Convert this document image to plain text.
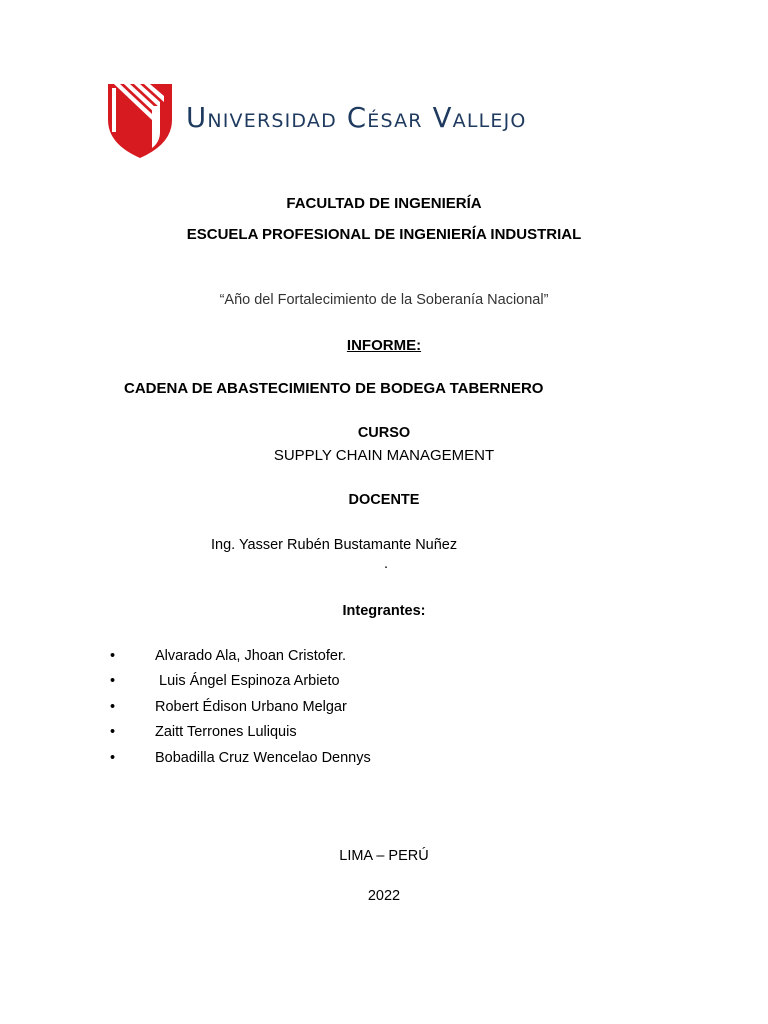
Universidad César Vallejo
FACULTAD DE INGENIERÍA
ESCUELA PROFESIONAL DE INGENIERÍA INDUSTRIAL
“Año del Fortalecimiento de la Soberanía Nacional”
INFORME:
CADENA DE ABASTECIMIENTO DE BODEGA TABERNERO
CURSO
SUPPLY CHAIN MANAGEMENT
DOCENTE
Ing. Yasser Rubén Bustamante Nuñez
.
Integrantes:
•	Alvarado Ala, Jhoan Cristofer.
•	Luis Ángel Espinoza Arbieto
•	Robert Édison Urbano Melgar
•	Zaitt Terrones Luliquis
•	Bobadilla Cruz Wencelao Dennys
LIMA – PERÚ
2022
